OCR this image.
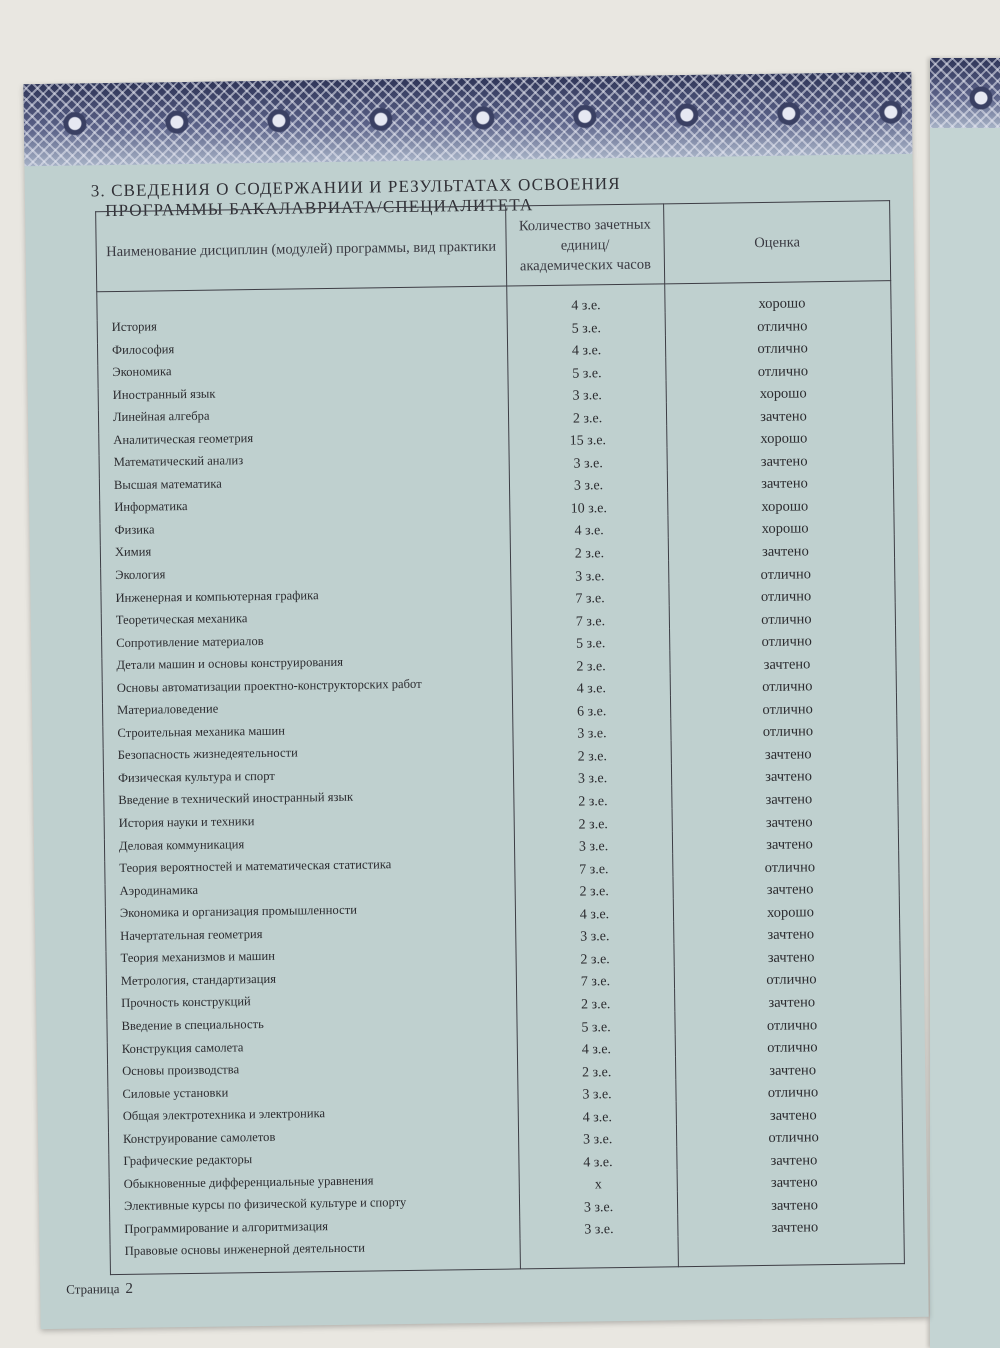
3. СВЕДЕНИЯ О СОДЕРЖАНИИ И РЕЗУЛЬТАТАХ ОСВОЕНИЯ
ПРОГРАММЫ БАКАЛАВРИАТА/СПЕЦИАЛИТЕТА
Наименование дисциплин (модулей) программы, вид практики	Количество зачетных единиц/ академических часов	Оценка
	4 з.е.	хорошо
История	5 з.е.	отлично
Философия	4 з.е.	отлично
Экономика	5 з.е.	отлично
Иностранный язык	3 з.е.	хорошо
Линейная алгебра	2 з.е.	зачтено
Аналитическая геометрия	15 з.е.	хорошо
Математический анализ	3 з.е.	зачтено
Высшая математика	3 з.е.	зачтено
Информатика	10 з.е.	хорошо
Физика	4 з.е.	хорошо
Химия	2 з.е.	зачтено
Экология	3 з.е.	отлично
Инженерная и компьютерная графика	7 з.е.	отлично
Теоретическая механика	7 з.е.	отлично
Сопротивление материалов	5 з.е.	отлично
Детали машин и основы конструирования	2 з.е.	зачтено
Основы автоматизации проектно-конструкторских работ	4 з.е.	отлично
Материаловедение	6 з.е.	отлично
Строительная механика машин	3 з.е.	отлично
Безопасность жизнедеятельности	2 з.е.	зачтено
Физическая культура и спорт	3 з.е.	зачтено
Введение в технический иностранный язык	2 з.е.	зачтено
История науки и техники	2 з.е.	зачтено
Деловая коммуникация	3 з.е.	зачтено
Теория вероятностей и математическая статистика	7 з.е.	отлично
Аэродинамика	2 з.е.	зачтено
Экономика и организация промышленности	4 з.е.	хорошо
Начертательная геометрия	3 з.е.	зачтено
Теория механизмов и машин	2 з.е.	зачтено
Метрология, стандартизация	7 з.е.	отлично
Прочность конструкций	2 з.е.	зачтено
Введение в специальность	5 з.е.	отлично
Конструкция самолета	4 з.е.	отлично
Основы производства	2 з.е.	зачтено
Силовые установки	3 з.е.	отлично
Общая электротехника и электроника	4 з.е.	зачтено
Конструирование самолетов	3 з.е.	отлично
Графические редакторы	4 з.е.	зачтено
Обыкновенные дифференциальные уравнения	x	зачтено
Элективные курсы по физической культуре и спорту	3 з.е.	зачтено
Программирование и алгоритмизация	3 з.е.	зачтено
Правовые основы инженерной деятельности		
Страница 2
